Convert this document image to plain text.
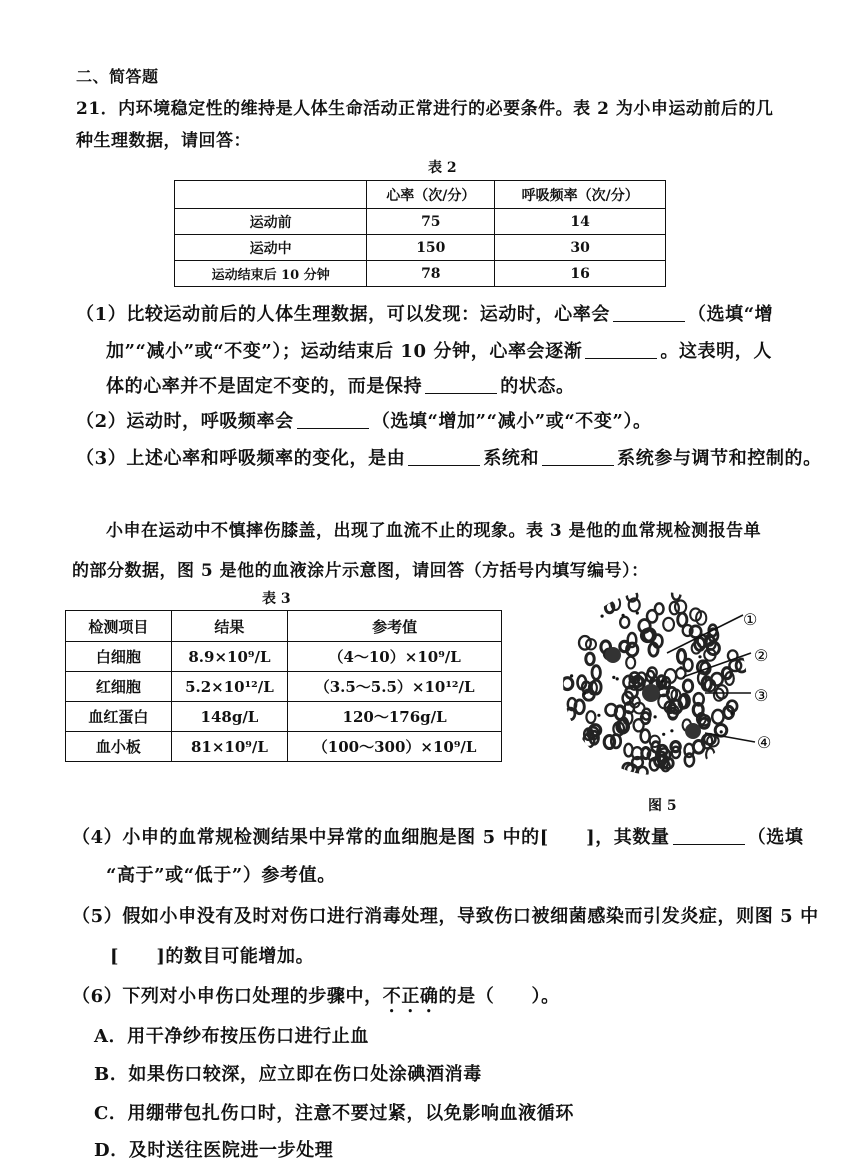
二、简答题
21．内环境稳定性的维持是人体生命活动正常进行的必要条件。表 2 为小申运动前后的几
种生理数据，请回答：
表 2
	心率（次/分）	呼吸频率（次/分）
运动前	75	14
运动中	150	30
运动结束后 10 分钟	78	16
（1）比较运动前后的人体生理数据，可以发现：运动时，心率会	（选填“增
加”“减小”或“不变”）；运动结束后 10 分钟，心率会逐渐	。这表明，人
体的心率并不是固定不变的，而是保持	的状态。
（2）运动时，呼吸频率会	（选填“增加”“减小”或“不变”）。
（3）上述心率和呼吸频率的变化，是由	系统和	系统参与调节和控制的。
小申在运动中不慎摔伤膝盖，出现了血流不止的现象。表 3 是他的血常规检测报告单
的部分数据，图 5 是他的血液涂片示意图，请回答（方括号内填写编号）：
表 3
检测项目	结果	参考值
白细胞	8.9×10⁹/L	（4～10）×10⁹/L
红细胞	5.2×10¹²/L	（3.5～5.5）×10¹²/L
血红蛋白	148g/L	120～176g/L
血小板	81×10⁹/L	（100～300）×10⁹/L
①
②
③
④
图 5
（4）小申的血常规检测结果中异常的血细胞是图 5 中的[　　]，其数量	（选填
“高于”或“低于”）参考值。
（5）假如小申没有及时对伤口进行消毒处理，导致伤口被细菌感染而引发炎症，则图 5 中
[　　]的数目可能增加。
（6）下列对小申伤口处理的步骤中，不正确的是（　　）。
A．用干净纱布按压伤口进行止血
B．如果伤口较深，应立即在伤口处涂碘酒消毒
C．用绷带包扎伤口时，注意不要过紧，以免影响血液循环
D．及时送往医院进一步处理
